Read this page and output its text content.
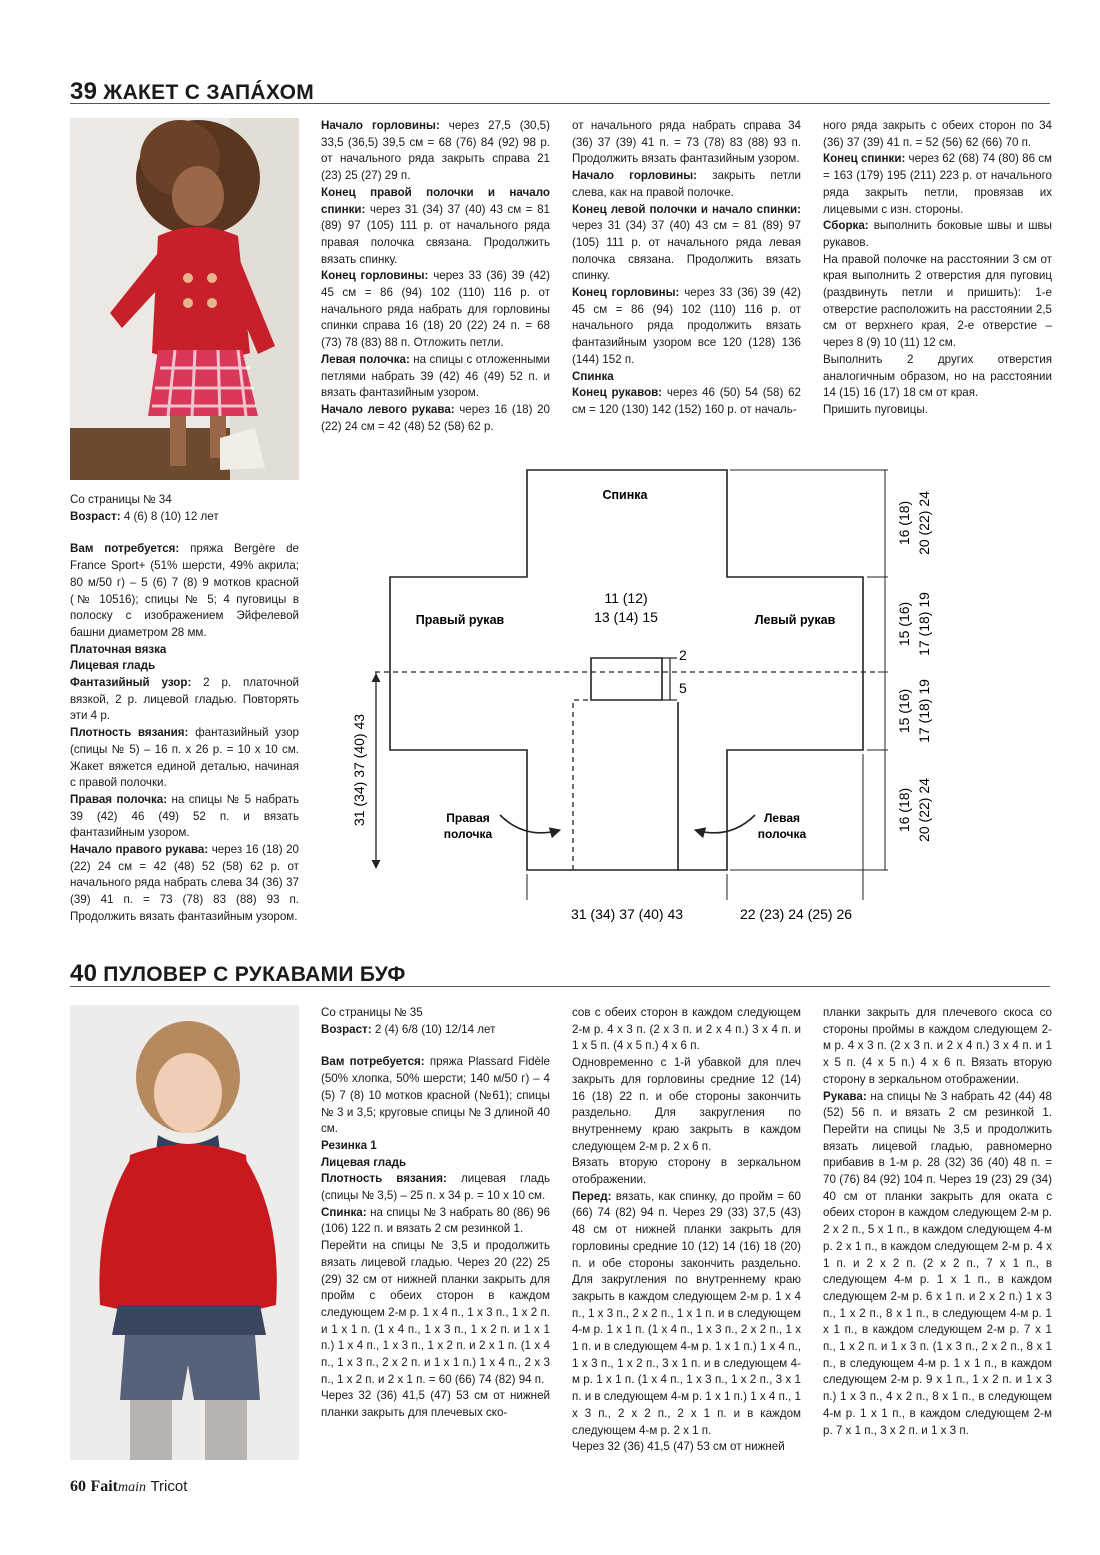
39 ЖАКЕТ С ЗАПÁХОМ

Со страницы № 34

Возраст: 4 (6) 8 (10) 12 лет

Вам потребуется: пряжа Bergère de France Sport+ (51% шерсти, 49% акрила; 80 м/50 г) – 5 (6) 7 (8) 9 мотков красной (№ 10516); спицы № 5; 4 пуговицы в полоску с изображением Эйфелевой башни диаметром 28 мм.

Платочная вязка

Лицевая гладь

Фантазийный узор: 2 р. платочной вязкой, 2 р. лицевой гладью. Повторять эти 4 р.

Плотность вязания: фантазийный узор (спицы № 5) – 16 п. х 26 р. = 10 х 10 см. Жакет вяжется единой деталью, начиная с правой полочки.

Правая полочка: на спицы № 5 набрать 39 (42) 46 (49) 52 п. и вязать фантазийным узором.

Начало правого рукава: через 16 (18) 20 (22) 24 см = 42 (48) 52 (58) 62 р. от начального ряда набрать слева 34 (36) 37 (39) 41 п. = 73 (78) 83 (88) 93 п. Продолжить вязать фантазийным узором.

Начало горловины: через 27,5 (30,5) 33,5 (36,5) 39,5 см = 68 (76) 84 (92) 98 р. от начального ряда закрыть справа 21 (23) 25 (27) 29 п.

Конец правой полочки и начало спинки: через 31 (34) 37 (40) 43 см = 81 (89) 97 (105) 111 р. от начального ряда правая полочка связана. Продолжить вязать спинку.

Конец горловины: через 33 (36) 39 (42) 45 см = 86 (94) 102 (110) 116 р. от начального ряда набрать для горловины спинки справа 16 (18) 20 (22) 24 п. = 68 (73) 78 (83) 88 п. Отложить петли.

Левая полочка: на спицы с отложенными петлями набрать 39 (42) 46 (49) 52 п. и вязать фантазийным узором.

Начало левого рукава: через 16 (18) 20 (22) 24 см = 42 (48) 52 (58) 62 р.

от начального ряда набрать справа 34 (36) 37 (39) 41 п. = 73 (78) 83 (88) 93 п. Продолжить вязать фантазийным узором.

Начало горловины: закрыть петли слева, как на правой полочке.

Конец левой полочки и начало спинки: через 31 (34) 37 (40) 43 см = 81 (89) 97 (105) 111 р. от начального ряда левая полочка связана. Продолжить вязать спинку.

Конец горловины: через 33 (36) 39 (42) 45 см = 86 (94) 102 (110) 116 р. от начального ряда продолжить вязать фантазийным узором все 120 (128) 136 (144) 152 п.

Спинка

Конец рукавов: через 46 (50) 54 (58) 62 см = 120 (130) 142 (152) 160 р. от началь-

ного ряда закрыть с обеих сторон по 34 (36) 37 (39) 41 п. = 52 (56) 62 (66) 70 п.

Конец спинки: через 62 (68) 74 (80) 86 см = 163 (179) 195 (211) 223 р. от начального ряда закрыть петли, провязав их лицевыми с изн. стороны.

Сборка: выполнить боковые швы и швы рукавов.

На правой полочке на расстоянии 3 см от края выполнить 2 отверстия для пуговиц (раздвинуть петли и пришить): 1-е отверстие расположить на расстоянии 2,5 см от верхнего края, 2-е отверстие – через 8 (9) 10 (11) 12 см.

Выполнить 2 других отверстия аналогичным образом, но на расстоянии 14 (15) 16 (17) 18 см от края.

Пришить пуговицы.

Спинка
Правый рукав	Левый рукав
11 (12)
13 (14) 15
2
5
Правая
полочка
Левая
полочка
31 (34) 37 (40) 43
31 (34) 37 (40) 43	22 (23) 24 (25) 26
16 (18) 20 (22) 24
15 (16) 17 (18) 19
15 (16) 17 (18) 19
16 (18) 20 (22) 24
40 ПУЛОВЕР С РУКАВАМИ БУФ

Со страницы № 35

Возраст: 2 (4) 6/8 (10) 12/14 лет

Вам потребуется: пряжа Plassard Fidèle (50% хлопка, 50% шерсти; 140 м/50 г) – 4 (5) 7 (8) 10 мотков красной (№61); спицы № 3 и 3,5; круговые спицы № 3 длиной 40 см.

Резинка 1

Лицевая гладь

Плотность вязания: лицевая гладь (спицы № 3,5) – 25 п. х 34 р. = 10 х 10 см.

Спинка: на спицы № 3 набрать 80 (86) 96 (106) 122 п. и вязать 2 см резинкой 1.

Перейти на спицы № 3,5 и продолжить вязать лицевой гладью. Через 20 (22) 25 (29) 32 см от нижней планки закрыть для пройм с обеих сторон в каждом следующем 2-м р. 1 х 4 п., 1 х 3 п., 1 х 2 п. и 1 х 1 п. (1 х 4 п., 1 х 3 п., 1 х 2 п. и 1 х 1 п.) 1 х 4 п., 1 х 3 п., 1 х 2 п. и 2 х 1 п. (1 х 4 п., 1 х 3 п., 2 х 2 п. и 1 х 1 п.) 1 х 4 п., 2 х 3 п., 1 х 2 п. и 2 х 1 п. = 60 (66) 74 (82) 94 п.

Через 32 (36) 41,5 (47) 53 см от нижней планки закрыть для плечевых ско-

сов с обеих сторон в каждом следующем 2-м р. 4 х 3 п. (2 х 3 п. и 2 х 4 п.) 3 х 4 п. и 1 х 5 п. (4 х 5 п.) 4 х 6 п.

Одновременно с 1-й убавкой для плеч закрыть для горловины средние 12 (14) 16 (18) 22 п. и обе стороны закончить раздельно. Для закругления по внутреннему краю закрыть в каждом следующем 2-м р. 2 х 6 п.

Вязать вторую сторону в зеркальном отображении.

Перед: вязать, как спинку, до пройм = 60 (66) 74 (82) 94 п. Через 29 (33) 37,5 (43) 48 см от нижней планки закрыть для горловины средние 10 (12) 14 (16) 18 (20) п. и обе стороны закончить раздельно. Для закругления по внутреннему краю закрыть в каждом следующем 2-м р. 1 х 4 п., 1 х 3 п., 2 х 2 п., 1 х 1 п. и в следующем 4-м р. 1 х 1 п. (1 х 4 п., 1 х 3 п., 2 х 2 п., 1 х 1 п. и в следующем 4-м р. 1 х 1 п.) 1 х 4 п., 1 х 3 п., 1 х 2 п., 3 х 1 п. и в следующем 4-м р. 1 х 1 п. (1 х 4 п., 1 х 3 п., 1 х 2 п., 3 х 1 п. и в следующем 4-м р. 1 х 1 п.) 1 х 4 п., 1 х 3 п., 2 х 2 п., 2 х 1 п. и в каждом следующем 4-м р. 2 х 1 п.

Через 32 (36) 41,5 (47) 53 см от нижней

планки закрыть для плечевого скоса со стороны проймы в каждом следующем 2-м р. 4 х 3 п. (2 х 3 п. и 2 х 4 п.) 3 х 4 п. и 1 х 5 п. (4 х 5 п.) 4 х 6 п. Вязать вторую сторону в зеркальном отображении.

Рукава: на спицы № 3 набрать 42 (44) 48 (52) 56 п. и вязать 2 см резинкой 1. Перейти на спицы № 3,5 и продолжить вязать лицевой гладью, равномерно прибавив в 1-м р. 28 (32) 36 (40) 48 п. = 70 (76) 84 (92) 104 п. Через 19 (23) 29 (34) 40 см от планки закрыть для оката с обеих сторон в каждом следующем 2-м р. 2 х 2 п., 5 х 1 п., в каждом следующем 4-м р. 2 х 1 п., в каждом следующем 2-м р. 4 х 1 п. и 2 х 2 п. (2 х 2 п., 7 х 1 п., в следующем 4-м р. 1 х 1 п., в каждом следующем 2-м р. 6 х 1 п. и 2 х 2 п.) 1 х 3 п., 1 х 2 п., 8 х 1 п., в следующем 4-м р. 1 х 1 п., в каждом следующем 2-м р. 7 х 1 п., 1 х 2 п. и 1 х 3 п. (1 х 3 п., 2 х 2 п., 8 х 1 п., в следующем 4-м р. 1 х 1 п., в каждом следующем 2-м р. 9 х 1 п., 1 х 2 п. и 1 х 3 п.) 1 х 3 п., 4 х 2 п., 8 х 1 п., в следующем 4-м р. 1 х 1 п., в каждом следующем 2-м р. 7 х 1 п., 3 х 2 п. и 1 х 3 п.

60 Faitmain Tricot
